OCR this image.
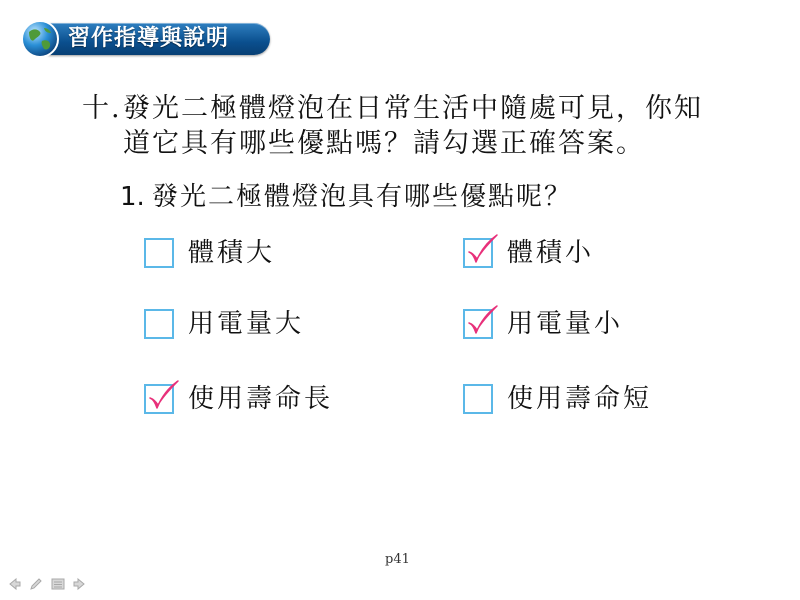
習作指導與說明
十. 發光二極體燈泡在日常生活中隨處可見，你知
道它具有哪些優點嗎？請勾選正確答案。
1. 發光二極體燈泡具有哪些優點呢？
體積大	體積小
用電量大	用電量小
使用壽命長	使用壽命短
p41
